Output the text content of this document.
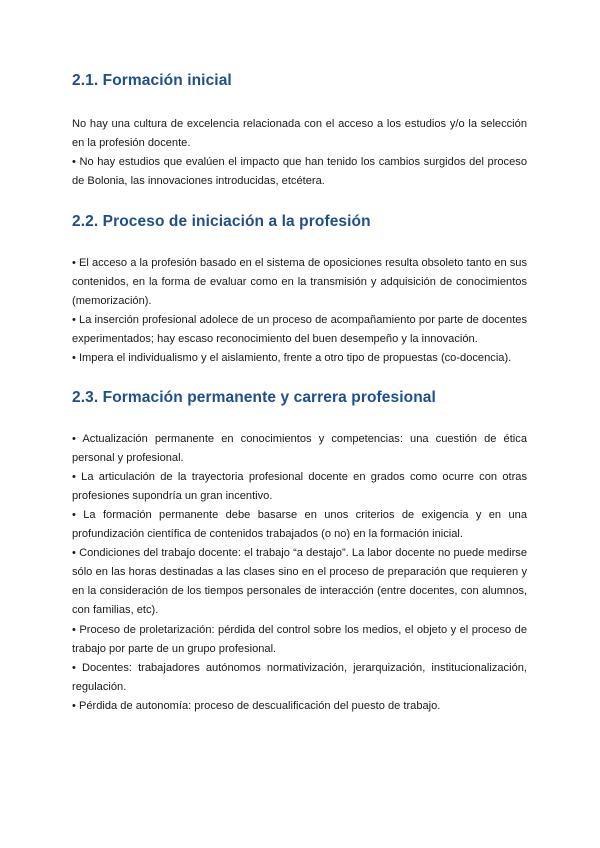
2.1. Formación inicial

No hay una cultura de excelencia relacionada con el acceso a los estudios y/o la selección en la profesión docente.

• No hay estudios que evalúen el impacto que han tenido los cambios surgidos del proceso de Bolonia, las innovaciones introducidas, etcétera.

2.2. Proceso de iniciación a la profesión

• El acceso a la profesión basado en el sistema de oposiciones resulta obsoleto tanto en sus contenidos, en la forma de evaluar como en la transmisión y adquisición de conocimientos (memorización).

• La inserción profesional adolece de un proceso de acompañamiento por parte de docentes experimentados; hay escaso reconocimiento del buen desempeño y la innovación.

• Impera el individualismo y el aislamiento, frente a otro tipo de propuestas (co-docencia).

2.3. Formación permanente y carrera profesional

• Actualización permanente en conocimientos y competencias: una cuestión de ética personal y profesional.

• La articulación de la trayectoria profesional docente en grados como ocurre con otras profesiones supondría un gran incentivo.

• La formación permanente debe basarse en unos criterios de exigencia y en una profundización científica de contenidos trabajados (o no) en la formación inicial.

• Condiciones del trabajo docente: el trabajo “a destajo”. La labor docente no puede medirse sólo en las horas destinadas a las clases sino en el proceso de preparación que requieren y en la consideración de los tiempos personales de interacción (entre docentes, con alumnos, con familias, etc).

• Proceso de proletarización: pérdida del control sobre los medios, el objeto y el proceso de trabajo por parte de un grupo profesional.

• Docentes: trabajadores autónomos normativización, jerarquización, institucionalización, regulación.

• Pérdida de autonomía: proceso de descualificación del puesto de trabajo.
